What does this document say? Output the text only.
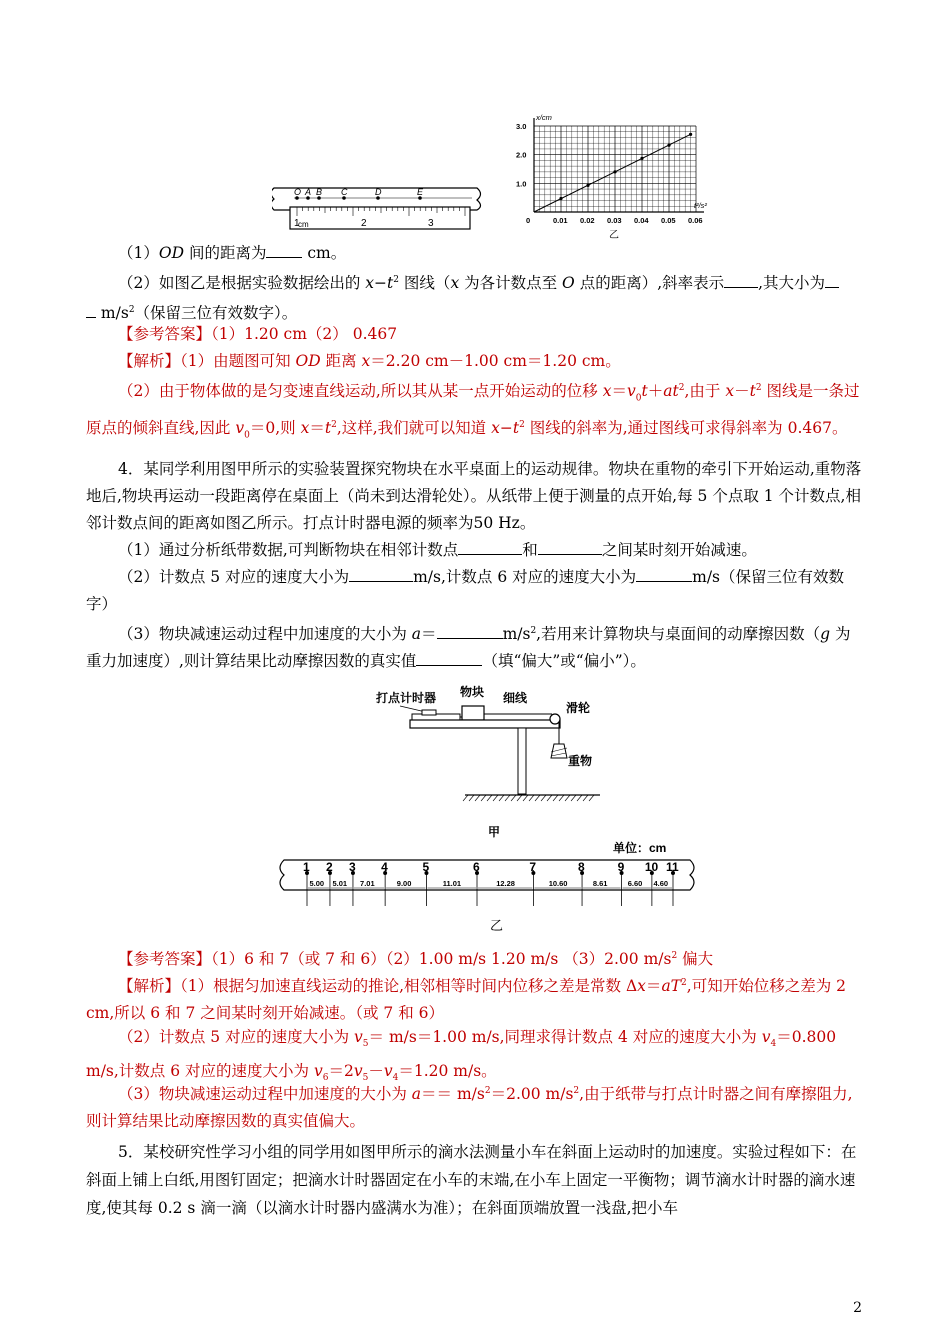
O A B C	D	E
1	2	3
cm	0	0.01 0.02 0.03 0.04 0.05 0.06
1.0
2.0
3.0
x/cm
t²/s²
乙
（1）OD 间的距离为 cm。
（2）如图乙是根据实验数据绘出的 $x-t^2$ 图线（x 为各计数点至 O 点的距离）,斜率表示 ,其大小为
$m/s^2$（保留三位有效数字）。
【参考答案】（1）1.20 cm（2） 0.467
【解析】（1）由题图可知 OD 距离 x＝2.20 cm－1.00 cm＝1.20 cm。
（2）由于物体做的是匀变速直线运动,所以其从某一点开始运动的位移 $x=v_0t+at^2$,由于 $x-t^2$ 图线是一条过原点的倾斜直线,因此 $v_0=0$,则 $x=t^2$,这样,我们就可以知道 $x-t^2$ 图线的斜率为,通过图线可求得斜率为 0.467。
4．某同学利用图甲所示的实验装置探究物块在水平桌面上的运动规律。物块在重物的牵引下开始运动,重物落地后,物块再运动一段距离停在桌面上（尚未到达滑轮处）。从纸带上便于测量的点开始,每 5 个点取 1 个计数点,相邻计数点间的距离如图乙所示。打点计时器电源的频率为50 Hz。
（1）通过分析纸带数据,可判断物块在相邻计数点	和	之间某时刻开始减速。
（2）计数点 5 对应的速度大小为	m/s,计数点 6 对应的速度大小为	m/s（保留三位有效数字）
（3）物块减速运动过程中加速度的大小为 a＝	$m/s^2$,若用来计算物块与桌面间的动摩擦因数（g 为重力加速度）,则计算结果比动摩擦因数的真实值	（填“偏大”或“偏小”）。
打点计时器 物块 细线
滑轮
重物
甲
单位：cm
1 2 3 4	5	6	7	8	9 10 11
5.00 5.01 7.01	9.00	11.01	12.28	10.60	8.61	6.60 4.60
乙
【参考答案】（1）6 和 7（或 7 和 6）（2）1.00 m/s 1.20 m/s （3）2.00 $m/s^2$ 偏大
【解析】（1）根据匀加速直线运动的推论,相邻相等时间内位移之差是常数 $\Delta x=aT^2$,可知开始位移之差为 2 cm,所以 6 和 7 之间某时刻开始减速。（或 7 和 6）
（2）计数点 5 对应的速度大小为 $v_5= m/s=1.00$ m/s,同理求得计数点 4 对应的速度大小为 $v_4=0.800$ m/s,计数点 6 对应的速度大小为 $v_6=2v_5-v_4=1.20$ m/s。
（3）物块减速运动过程中加速度的大小为 $a== m/s^2=2.00$ $m/s^2$,由于纸带与打点计时器之间有摩擦阻力,则计算结果比动摩擦因数的真实值偏大。
5．某校研究性学习小组的同学用如图甲所示的滴水法测量小车在斜面上运动时的加速度。实验过程如下：在斜面上铺上白纸,用图钉固定；把滴水计时器固定在小车的末端,在小车上固定一平衡物；调节滴水计时器的滴水速度,使其每 0.2 s 滴一滴（以滴水计时器内盛满水为准）；在斜面顶端放置一浅盘,把小车
2
